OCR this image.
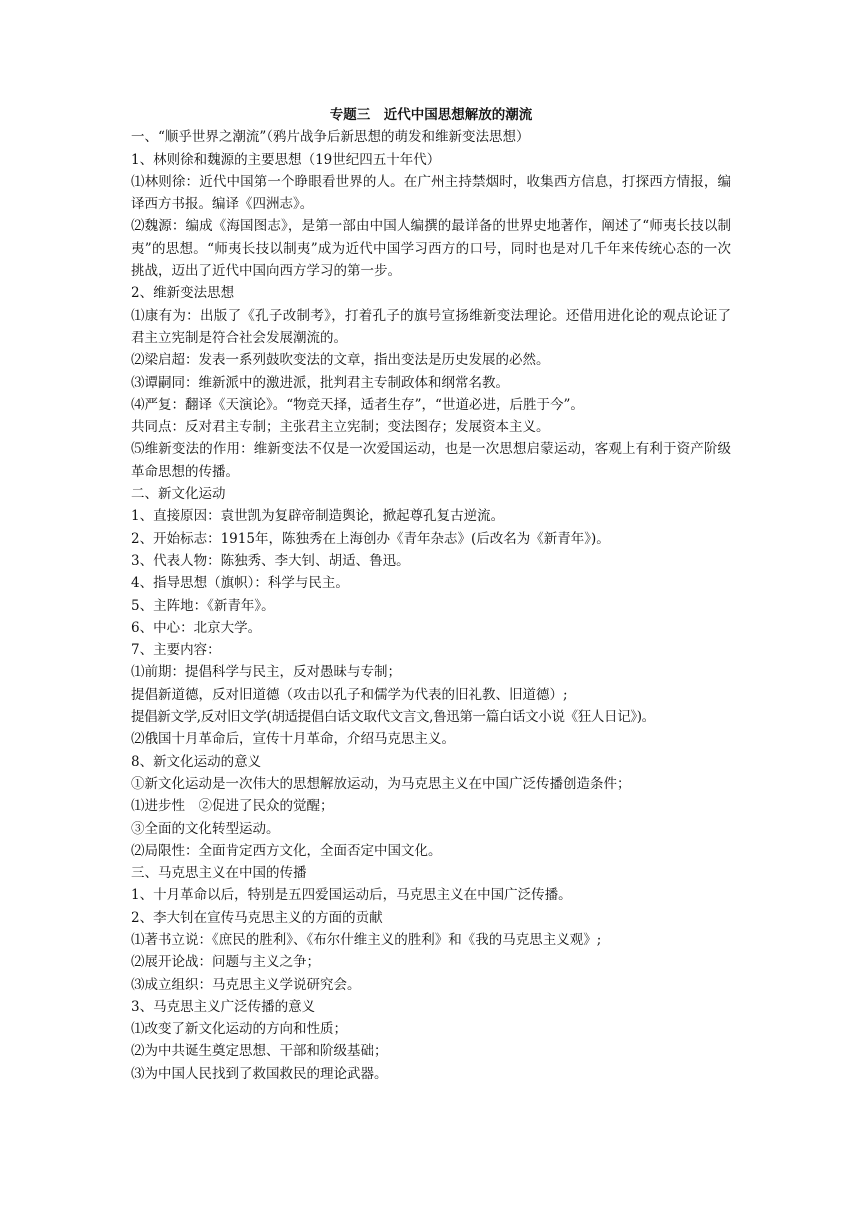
专题三　近代中国思想解放的潮流
一、“顺乎世界之潮流”（鸦片战争后新思想的萌发和维新变法思想）
1、林则徐和魏源的主要思想（19世纪四五十年代）
⑴林则徐：近代中国第一个睁眼看世界的人。在广州主持禁烟时，收集西方信息，打探西方情报，编译西方书报。编译《四洲志》。
⑵魏源：编成《海国图志》，是第一部由中国人编撰的最详备的世界史地著作，阐述了“师夷长技以制夷”的思想。“师夷长技以制夷”成为近代中国学习西方的口号，同时也是对几千年来传统心态的一次挑战，迈出了近代中国向西方学习的第一步。
2、维新变法思想
⑴康有为：出版了《孔子改制考》，打着孔子的旗号宣扬维新变法理论。还借用进化论的观点论证了君主立宪制是符合社会发展潮流的。
⑵梁启超：发表一系列鼓吹变法的文章，指出变法是历史发展的必然。
⑶谭嗣同：维新派中的激进派，批判君主专制政体和纲常名教。
⑷严复：翻译《天演论》。“物竞天择，适者生存”，“世道必进，后胜于今”。
共同点：反对君主专制；主张君主立宪制；变法图存；发展资本主义。
⑸维新变法的作用：维新变法不仅是一次爱国运动，也是一次思想启蒙运动，客观上有利于资产阶级革命思想的传播。
二、新文化运动
1、直接原因：袁世凯为复辟帝制造舆论，掀起尊孔复古逆流。
2、开始标志：1915年，陈独秀在上海创办《青年杂志》(后改名为《新青年》)。
3、代表人物：陈独秀、李大钊、胡适、鲁迅。
4、指导思想（旗帜）：科学与民主。
5、主阵地：《新青年》。
6、中心：北京大学。
7、主要内容：
⑴前期：提倡科学与民主，反对愚昧与专制；
提倡新道德，反对旧道德（攻击以孔子和儒学为代表的旧礼教、旧道德）;
提倡新文学,反对旧文学(胡适提倡白话文取代文言文,鲁迅第一篇白话文小说《狂人日记》)。
⑵俄国十月革命后，宣传十月革命，介绍马克思主义。
8、新文化运动的意义
①新文化运动是一次伟大的思想解放运动，为马克思主义在中国广泛传播创造条件；
⑴进步性　②促进了民众的觉醒；
③全面的文化转型运动。
⑵局限性：全面肯定西方文化，全面否定中国文化。
三、马克思主义在中国的传播
1、十月革命以后，特别是五四爱国运动后，马克思主义在中国广泛传播。
2、李大钊在宣传马克思主义的方面的贡献
⑴著书立说：《庶民的胜利》、《布尔什维主义的胜利》和《我的马克思主义观》;
⑵展开论战：问题与主义之争；
⑶成立组织：马克思主义学说研究会。
3、马克思主义广泛传播的意义
⑴改变了新文化运动的方向和性质；
⑵为中共诞生奠定思想、干部和阶级基础；
⑶为中国人民找到了救国救民的理论武器。
